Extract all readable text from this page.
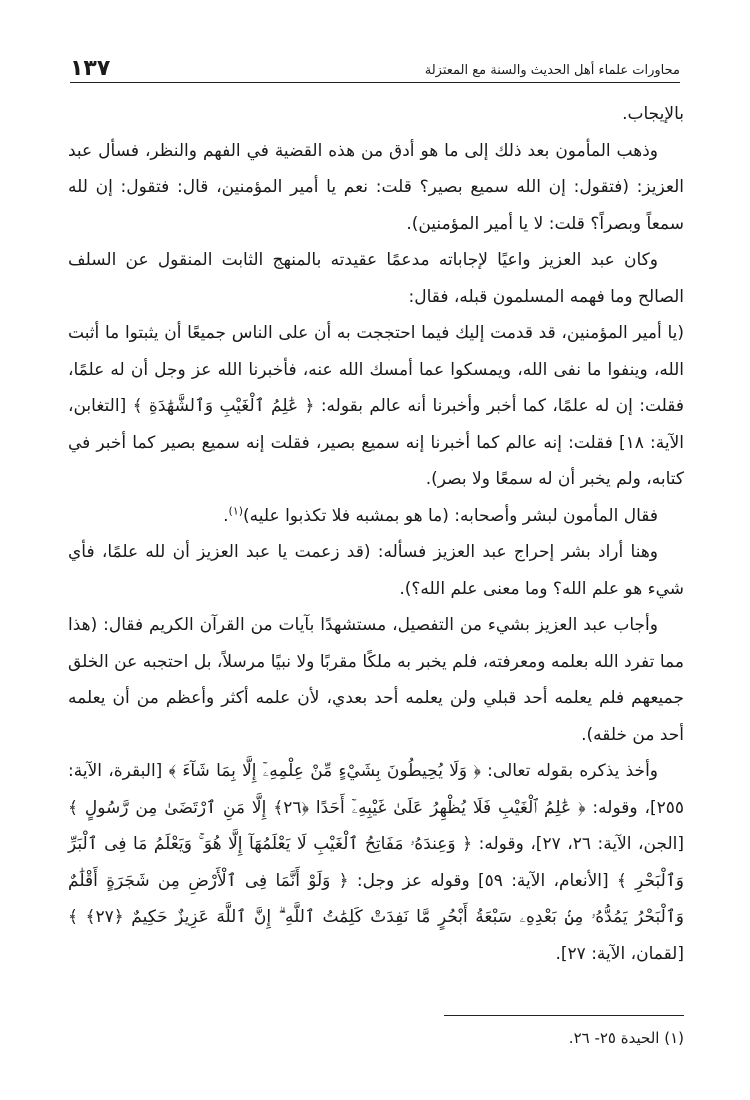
محاورات علماء أهل الحديث والسنة مع المعتزلة
١٣٧

بالإيجاب.

وذهب المأمون بعد ذلك إلى ما هو أدق من هذه القضية في الفهم والنظر، فسأل عبد العزيز: (فتقول: إن الله سميع بصير؟ قلت: نعم يا أمير المؤمنين، قال: فتقول: إن لله سمعاً وبصراً؟ قلت: لا يا أمير المؤمنين).

وكان عبد العزيز واعيًا لإجاباته مدعمًا عقيدته بالمنهج الثابت المنقول عن السلف الصالح وما فهمه المسلمون قبله، فقال:

(يا أمير المؤمنين، قد قدمت إليك فيما احتججت به أن على الناس جميعًا أن يثبتوا ما أثبت الله، وينفوا ما نفى الله، ويمسكوا عما أمسك الله عنه، فأخبرنا الله عز وجل أن له علمًا، فقلت: إن له علمًا، كما أخبر وأخبرنا أنه عالم بقوله: ﴿ عَٰلِمُ ٱلْغَيْبِ وَٱلشَّهَٰدَةِ ﴾ [التغابن، الآية: ١٨] فقلت: إنه عالم كما أخبرنا إنه سميع بصير، فقلت إنه سميع بصير كما أخبر في كتابه، ولم يخبر أن له سمعًا ولا بصر).

فقال المأمون لبشر وأصحابه: (ما هو بمشبه فلا تكذبوا عليه)$^{(١)}$.

وهنا أراد بشر إحراج عبد العزيز فسأله: (قد زعمت يا عبد العزيز أن لله علمًا، فأي شيء هو علم الله؟ وما معنى علم الله؟).

وأجاب عبد العزيز بشيء من التفصيل، مستشهدًا بآيات من القرآن الكريم فقال: (هذا مما تفرد الله بعلمه ومعرفته، فلم يخبر به ملكًا مقربًا ولا نبيًا مرسلاً، بل احتجبه عن الخلق جميعهم فلم يعلمه أحد قبلي ولن يعلمه أحد بعدي، لأن علمه أكثر وأعظم من أن يعلمه أحد من خلقه).

وأخذ يذكره بقوله تعالى: ﴿ وَلَا يُحِيطُونَ بِشَيْءٍ مِّنْ عِلْمِهِۦٓ إِلَّا بِمَا شَآءَ ﴾ [البقرة، الآية: ٢٥٥]، وقوله: ﴿ عَٰلِمُ ٱلْغَيْبِ فَلَا يُظْهِرُ عَلَىٰ غَيْبِهِۦٓ أَحَدًا ﴿٢٦﴾ إِلَّا مَنِ ٱرْتَضَىٰ مِن رَّسُولٍ ﴾ [الجن، الآية: ٢٦، ٢٧]، وقوله: ﴿ وَعِندَهُۥ مَفَاتِحُ ٱلْغَيْبِ لَا يَعْلَمُهَآ إِلَّا هُوَ ۚ وَيَعْلَمُ مَا فِى ٱلْبَرِّ وَٱلْبَحْرِ ﴾ [الأنعام، الآية: ٥٩] وقوله عز وجل: ﴿ وَلَوْ أَنَّمَا فِى ٱلْأَرْضِ مِن شَجَرَةٍ أَقْلَٰمٌ وَٱلْبَحْرُ يَمُدُّهُۥ مِنۢ بَعْدِهِۦ سَبْعَةُ أَبْحُرٍ مَّا نَفِدَتْ كَلِمَٰتُ ٱللَّهِ ۗ إِنَّ ٱللَّهَ عَزِيزٌ حَكِيمٌ ﴿٢٧﴾ ﴾ [لقمان، الآية: ٢٧].

(١) الحيدة ٢٥- ٢٦.
